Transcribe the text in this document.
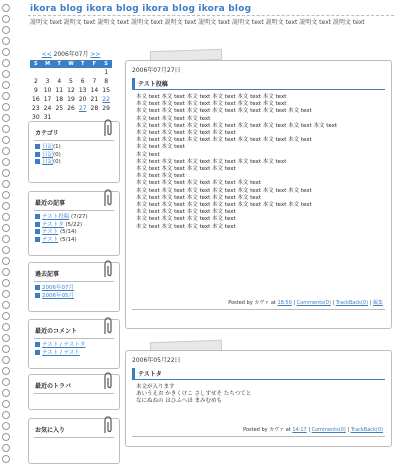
ikora blog ikora blog ikora blog ikora blog
説明文 text 説明文 text 説明文 text 説明文 text 説明文 text 説明文 text 説明文 text 説明文 text 説明文 text 説明文 text
<< 2006年07月 >>
S	M	T	W	T	F	S
						1
2	3	4	5	6	7	8
9	10	11	12	13	14	15
16	17	18	19	20	21	22
23	24	25	26	27	28	29
30	31					
カテゴリ
日記(1)
日記(0)
日記(0)
最近の記事
テスト投稿 (7/27)
テストタ (5/22)
テスト (5/14)
テスト (5/14)
過去記事
2006年07月
2006年05月
最近のコメント
テスト / テストタ
テスト / テスト
最近のトラバ
お気に入り
2006年07月27日
テスト投稿
本文 text 本文 text 本文 text 本文 text 本文 text 本文 text
本文 text 本文 text 本文 text 本文 text 本文 text 本文 text
本文 text 本文 text 本文 text 本文 text 本文 text 本文 text 本文 text
本文 text 本文 text 本文 text
本文 text 本文 text 本文 text 本文 text 本文 text 本文 text 本文 text 本文 text
本文 text 本文 text 本文 text 本文 text
本文 text 本文 text 本文 text 本文 text 本文 text 本文 text 本文 text
本文 text 本文 text
本文 text
本文 text 本文 text 本文 text 本文 text 本文 text 本文 text
本文 text 本文 text 本文 text 本文 text
本文 text 本文 text
本文 text 本文 text 本文 text 本文 text 本文 text
本文 text 本文 text 本文 text 本文 text 本文 text 本文 text 本文 text
本文 text 本文 text 本文 text 本文 text 本文 text
本文 text 本文 text 本文 text 本文 text 本文 text 本文 text 本文 text
本文 text 本文 text 本文 text 本文 text
本文 text 本文 text 本文 text 本文 text
本文 text 本文 text 本文 text 本文 text
Posted by カヴァ at 18:50 | Comments(0) | TrackBack(0) | 編集
2006年05月22日
テストタ
本文が入ります
あいうえお かきくけこ さしすせそ たちつてと
なにぬねの はひふへほ まみむめも
Posted by カヴァ at 14:17 | Comments(0) | TrackBack(0)
